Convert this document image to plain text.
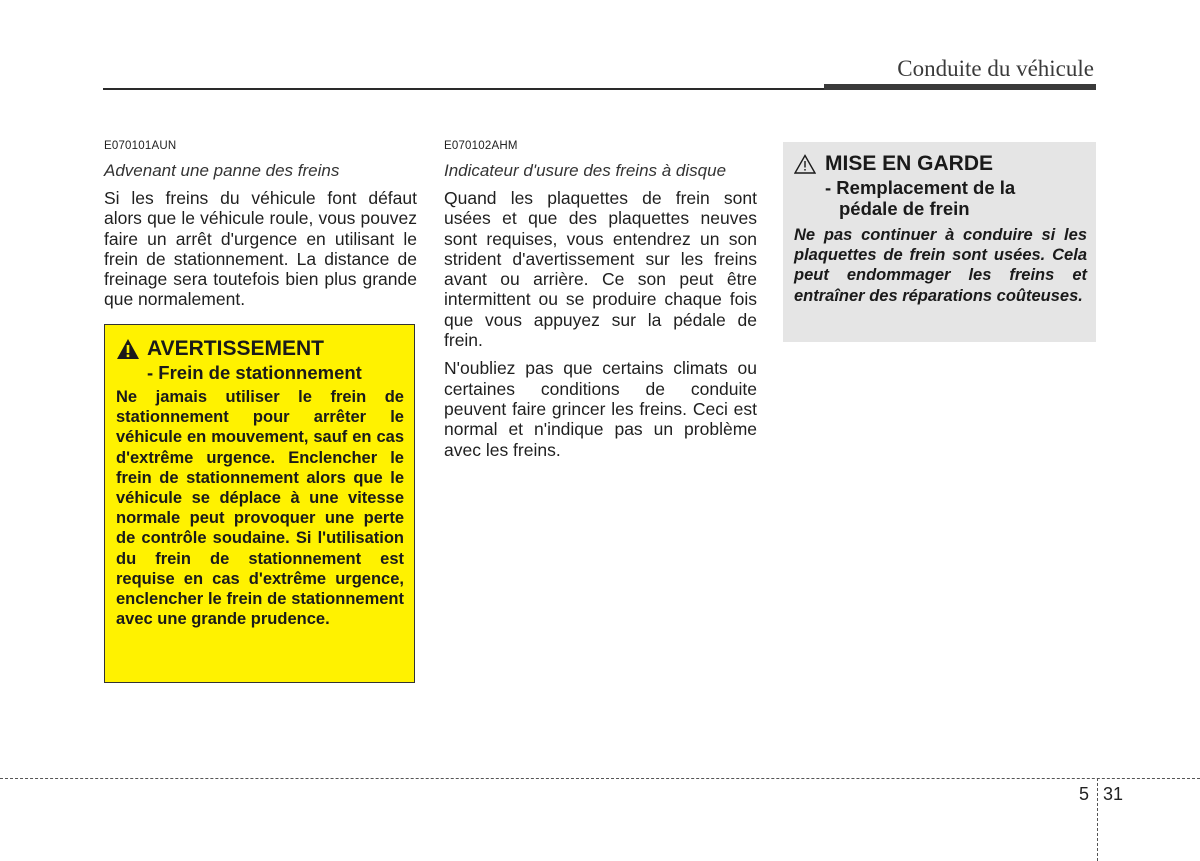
Conduite du véhicule
E070101AUN
Advenant une panne des freins

Si les freins du véhicule font défaut alors que le véhicule roule, vous pouvez faire un arrêt d'urgence en utilisant le frein de stationnement. La distance de freinage sera toutefois bien plus grande que normalement.

AVERTISSEMENT
- Frein de stationnement
Ne jamais utiliser le frein de stationnement pour arrêter le véhicule en mouvement, sauf en cas d'extrême urgence. Enclencher le frein de stationnement alors que le véhicule se déplace à une vitesse normale peut provoquer une perte de contrôle soudaine. Si l'utilisation du frein de stationnement est requise en cas d'extrême urgence, enclencher le frein de stationnement avec une grande prudence.
E070102AHM
Indicateur d'usure des freins à disque

Quand les plaquettes de frein sont usées et que des plaquettes neuves sont requises, vous entendrez un son strident d'avertissement sur les freins avant ou arrière. Ce son peut être intermittent ou se produire chaque fois que vous appuyez sur la pédale de frein.

N'oubliez pas que certains climats ou certaines conditions de conduite peuvent faire grincer les freins. Ceci est normal et n'indique pas un problème avec les freins.

MISE EN GARDE
- Remplacement de la
pédale de frein
Ne pas continuer à conduire si les plaquettes de frein sont usées. Cela peut endommager les freins et entraîner des réparations coûteuses.
5 31
